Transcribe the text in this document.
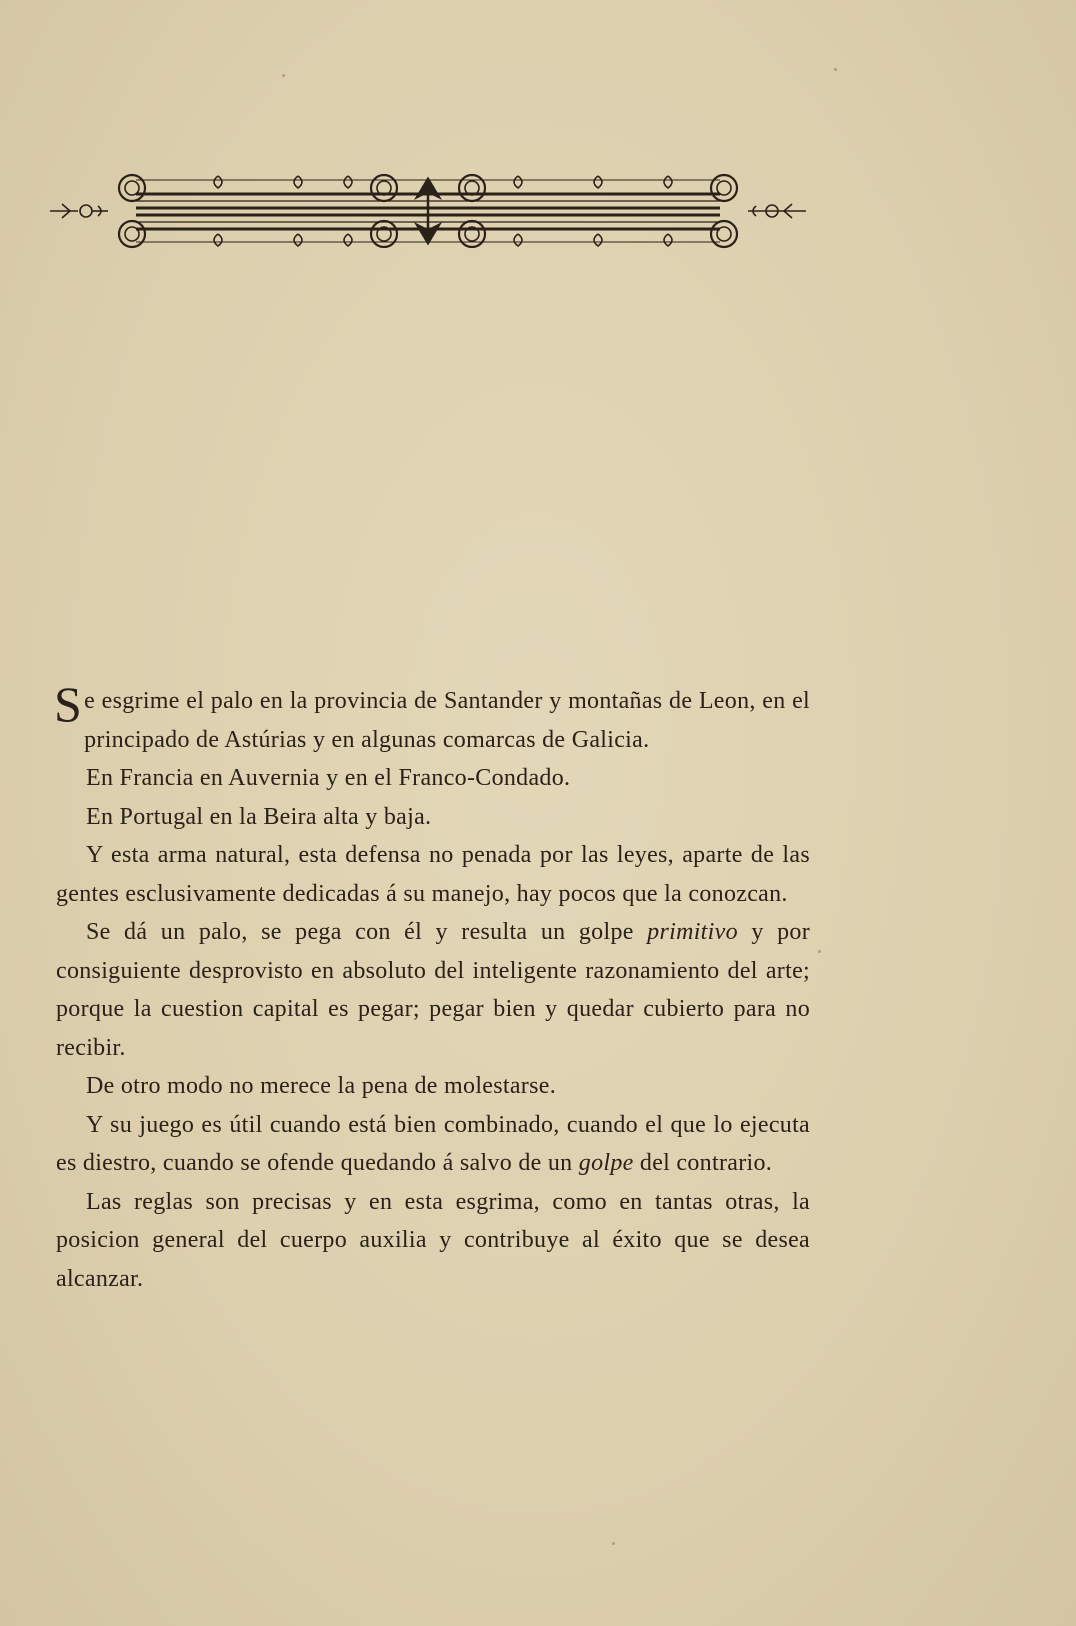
Se esgrime el palo en la provincia de Santander y montañas de Leon, en el principado de Astúrias y en algunas comarcas de Galicia.

En Francia en Auvernia y en el Franco-Condado.

En Portugal en la Beira alta y baja.

Y esta arma natural, esta defensa no penada por las leyes, aparte de las gentes esclusivamente dedicadas á su manejo, hay pocos que la conozcan.

Se dá un palo, se pega con él y resulta un golpe primitivo y por consiguiente desprovisto en absoluto del inteligente razonamiento del arte; porque la cuestion capital es pegar; pegar bien y quedar cubierto para no recibir.

De otro modo no merece la pena de molestarse.

Y su juego es útil cuando está bien combinado, cuando el que lo ejecuta es diestro, cuando se ofende quedando á salvo de un golpe del contrario.

Las reglas son precisas y en esta esgrima, como en tantas otras, la posicion general del cuerpo auxilia y contribuye al éxito que se desea alcanzar.
